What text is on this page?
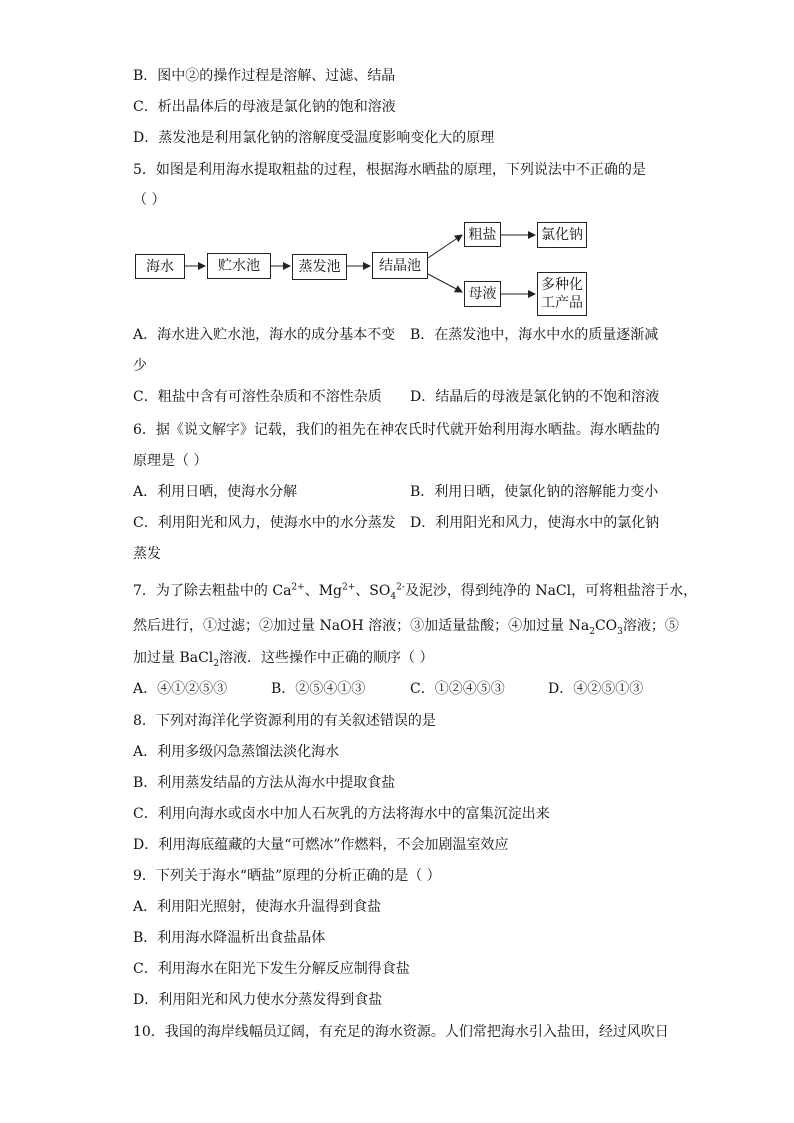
B．图中②的操作过程是溶解、过滤、结晶
C．析出晶体后的母液是氯化钠的饱和溶液
D．蒸发池是利用氯化钠的溶解度受温度影响变化大的原理
5．如图是利用海水提取粗盐的过程，根据海水晒盐的原理，下列说法中不正确的是
（ ）
海水	贮水池	蒸发池	结晶池
粗盐	氯化钠
母液
多种化
工产品
A．海水进入贮水池，海水的成分基本不变 B．在蒸发池中，海水中水的质量逐渐减
少
C．粗盐中含有可溶性杂质和不溶性杂质 D．结晶后的母液是氯化钠的不饱和溶液
6．据《说文解字》记载，我们的祖先在神农氏时代就开始利用海水晒盐。海水晒盐的
原理是（ ）
A．利用日晒，使海水分解	B．利用日晒，使氯化钠的溶解能力变小
C．利用阳光和风力，使海水中的水分蒸发 D．利用阳光和风力，使海水中的氯化钠
蒸发
7．为了除去粗盐中的 $Ca^{2+}$、$Mg^{2+}$、$SO_4^{2-}$及泥沙，得到纯净的 NaCl，可将粗盐溶于水，
然后进行，①过滤；②加过量 NaOH 溶液；③加适量盐酸；④加过量 $Na_2CO_3$溶液；⑤
加过量 BaCl$_2$溶液．这些操作中正确的顺序（ ）
A．④①②⑤③	B．②⑤④①③	C．①②④⑤③	D．④②⑤①③
8．下列对海洋化学资源利用的有关叙述错误的是
A．利用多级闪急蒸馏法淡化海水
B．利用蒸发结晶的方法从海水中提取食盐
C．利用向海水或卤水中加人石灰乳的方法将海水中的富集沉淀出来
D．利用海底蕴藏的大量“可燃冰”作燃料，不会加剧温室效应
9．下列关于海水“晒盐”原理的分析正确的是（ ）
A．利用阳光照射，使海水升温得到食盐
B．利用海水降温析出食盐晶体
C．利用海水在阳光下发生分解反应制得食盐
D．利用阳光和风力使水分蒸发得到食盐
10．我国的海岸线幅员辽阔，有充足的海水资源。人们常把海水引入盐田，经过风吹日
